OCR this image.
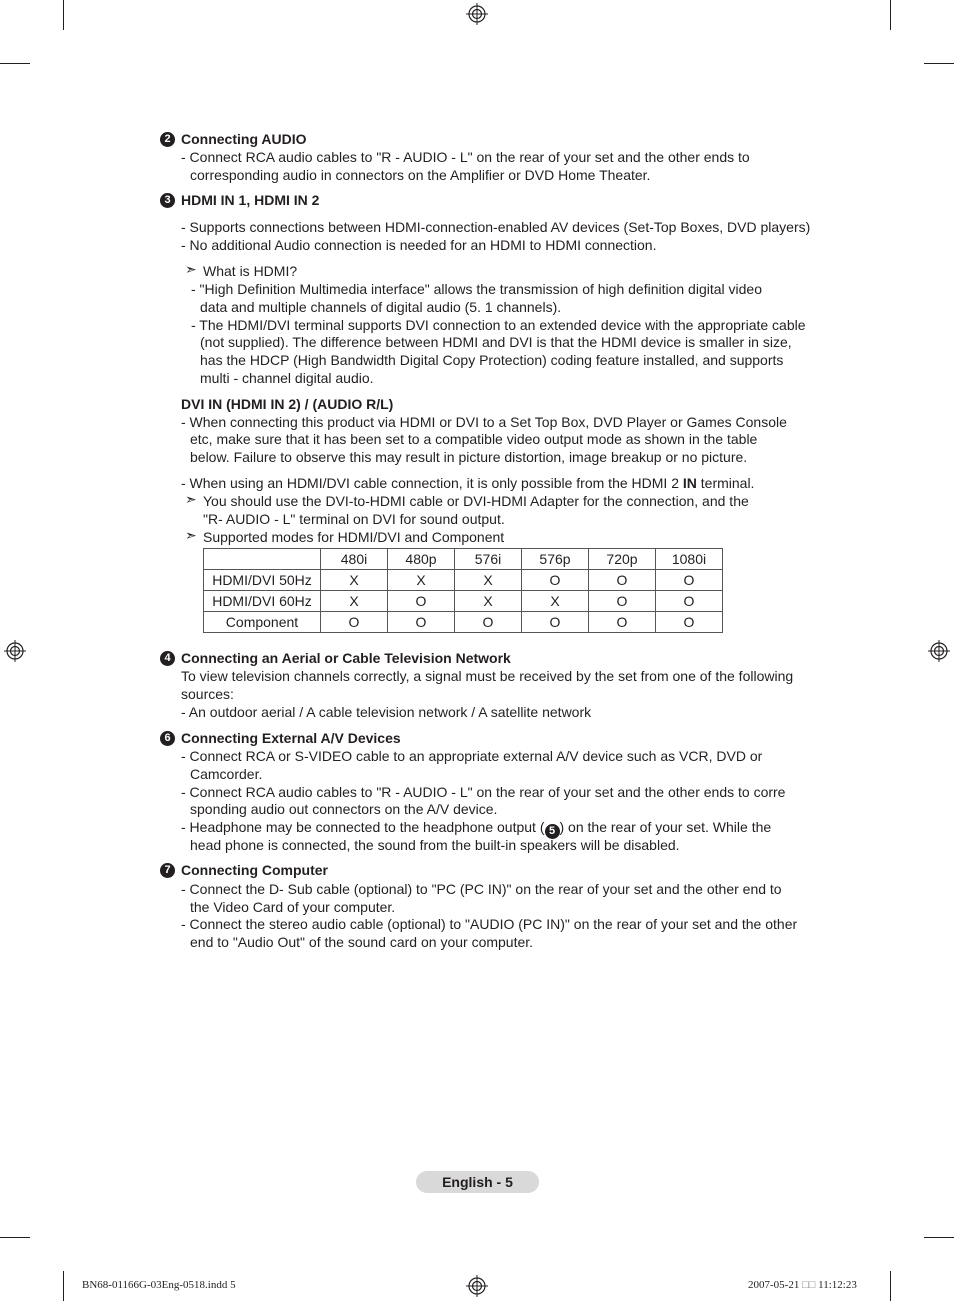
2 Connecting AUDIO
- Connect RCA audio cables to "R - AUDIO - L" on the rear of your set and the other ends to
corresponding audio in connectors on the Amplifier or DVD Home Theater.
3 HDMI IN 1, HDMI IN 2
- Supports connections between HDMI-connection-enabled AV devices (Set-Top Boxes, DVD players)
- No additional Audio connection is needed for an HDMI to HDMI connection.
➣ What is HDMI?
- "High Definition Multimedia interface" allows the transmission of high definition digital video
data and multiple channels of digital audio (5. 1 channels).
- The HDMI/DVI terminal supports DVI connection to an extended device with the appropriate cable
(not supplied). The difference between HDMI and DVI is that the HDMI device is smaller in size,
has the HDCP (High Bandwidth Digital Copy Protection) coding feature installed, and supports
multi - channel digital audio.
DVI IN (HDMI IN 2) / (AUDIO R/L)
- When connecting this product via HDMI or DVI to a Set Top Box, DVD Player or Games Console
etc, make sure that it has been set to a compatible video output mode as shown in the table
below. Failure to observe this may result in picture distortion, image breakup or no picture.
- When using an HDMI/DVI cable connection, it is only possible from the HDMI 2 IN terminal.
➣ You should use the DVI-to-HDMI cable or DVI-HDMI Adapter for the connection, and the
"R- AUDIO - L" terminal on DVI for sound output.
➣ Supported modes for HDMI/DVI and Component
	480i	480p	576i	576p	720p	1080i
HDMI/DVI 50Hz	X	X	X	O	O	O
HDMI/DVI 60Hz	X	O	X	X	O	O
Component	O	O	O	O	O	O
4 Connecting an Aerial or Cable Television Network
To view television channels correctly, a signal must be received by the set from one of the following
sources:
- An outdoor aerial / A cable television network / A satellite network
6 Connecting External A/V Devices
- Connect RCA or S-VIDEO cable to an appropriate external A/V device such as VCR, DVD or
Camcorder.
- Connect RCA audio cables to "R - AUDIO - L" on the rear of your set and the other ends to corre
sponding audio out connectors on the A/V device.
- Headphone may be connected to the headphone output ( 5 ) on the rear of your set. While the
head phone is connected, the sound from the built-in speakers will be disabled.
7 Connecting Computer
- Connect the D- Sub cable (optional) to "PC (PC IN)" on the rear of your set and the other end to
the Video Card of your computer.
- Connect the stereo audio cable (optional) to "AUDIO (PC IN)" on the rear of your set and the other
end to "Audio Out" of the sound card on your computer.
English - 5
BN68-01166G-03Eng-0518.indd 5	2007-05-21 □□ 11:12:23
